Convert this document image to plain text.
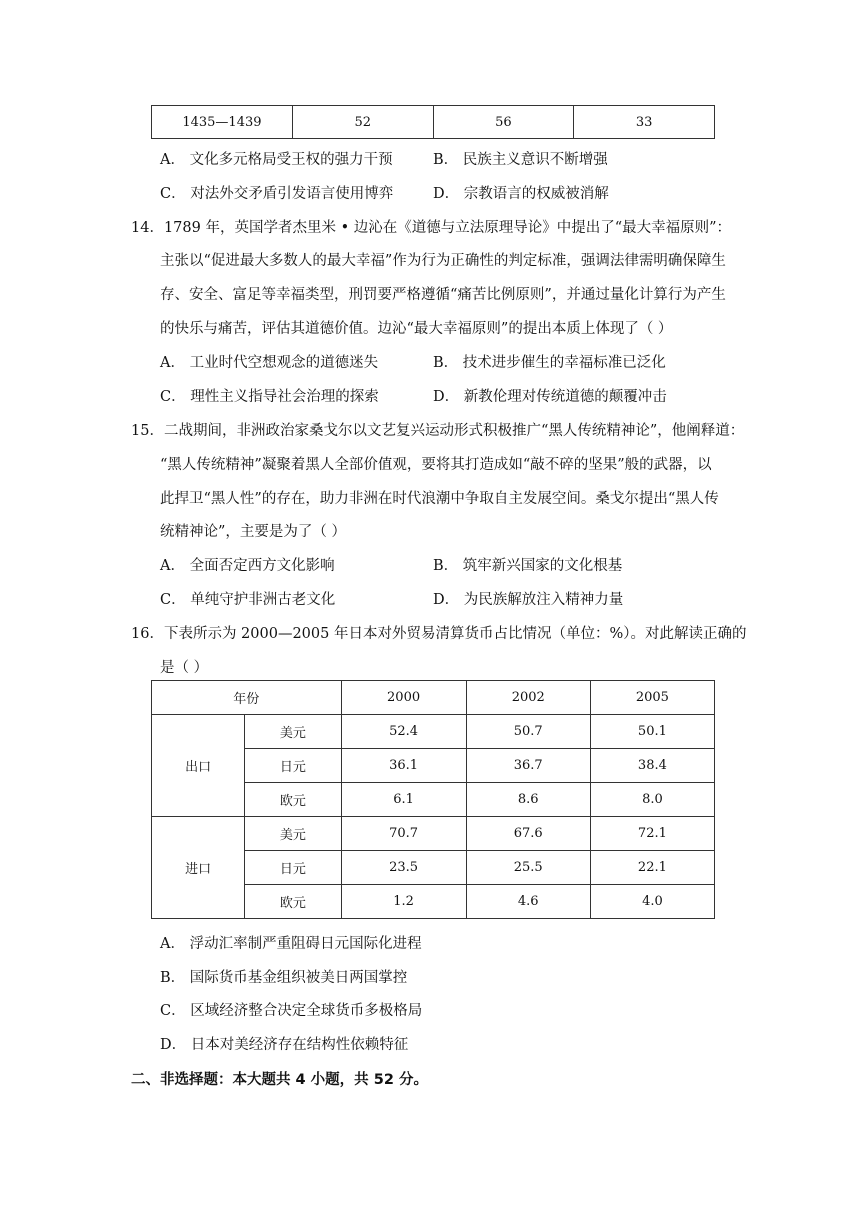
1435—1439	52	56	33
A． 文化多元格局受王权的强力干预	B． 民族主义意识不断增强
C． 对法外交矛盾引发语言使用博弈	D． 宗教语言的权威被消解
14．1789 年，英国学者杰里米 • 边沁在《道德与立法原理导论》中提出了“最大幸福原则”：
主张以“促进最大多数人的最大幸福”作为行为正确性的判定标准，强调法律需明确保障生
存、安全、富足等幸福类型，刑罚要严格遵循“痛苦比例原则”，并通过量化计算行为产生
的快乐与痛苦，评估其道德价值。边沁“最大幸福原则”的提出本质上体现了（ ）
A． 工业时代空想观念的道德迷失	B． 技术进步催生的幸福标准已泛化
C． 理性主义指导社会治理的探索	D． 新教伦理对传统道德的颠覆冲击
15．二战期间，非洲政治家桑戈尔以文艺复兴运动形式积极推广“黑人传统精神论”，他阐释道：
“黑人传统精神”凝聚着黑人全部价值观，要将其打造成如“敲不碎的坚果”般的武器，以
此捍卫“黑人性”的存在，助力非洲在时代浪潮中争取自主发展空间。桑戈尔提出“黑人传
统精神论”，主要是为了（ ）
A． 全面否定西方文化影响	B． 筑牢新兴国家的文化根基
C． 单纯守护非洲古老文化	D． 为民族解放注入精神力量
16．下表所示为 2000—2005 年日本对外贸易清算货币占比情况（单位：%）。对此解读正确的
是（ ）
年份		2000	2002	2005
出口	美元	52.4	50.7	50.1
	日元	36.1	36.7	38.4
	欧元	6.1	8.6	8.0
进口	美元	70.7	67.6	72.1
	日元	23.5	25.5	22.1
	欧元	1.2	4.6	4.0
A． 浮动汇率制严重阻碍日元国际化进程
B． 国际货币基金组织被美日两国掌控
C． 区域经济整合决定全球货币多极格局
D． 日本对美经济存在结构性依赖特征
二、非选择题：本大题共 4 小题，共 52 分。
